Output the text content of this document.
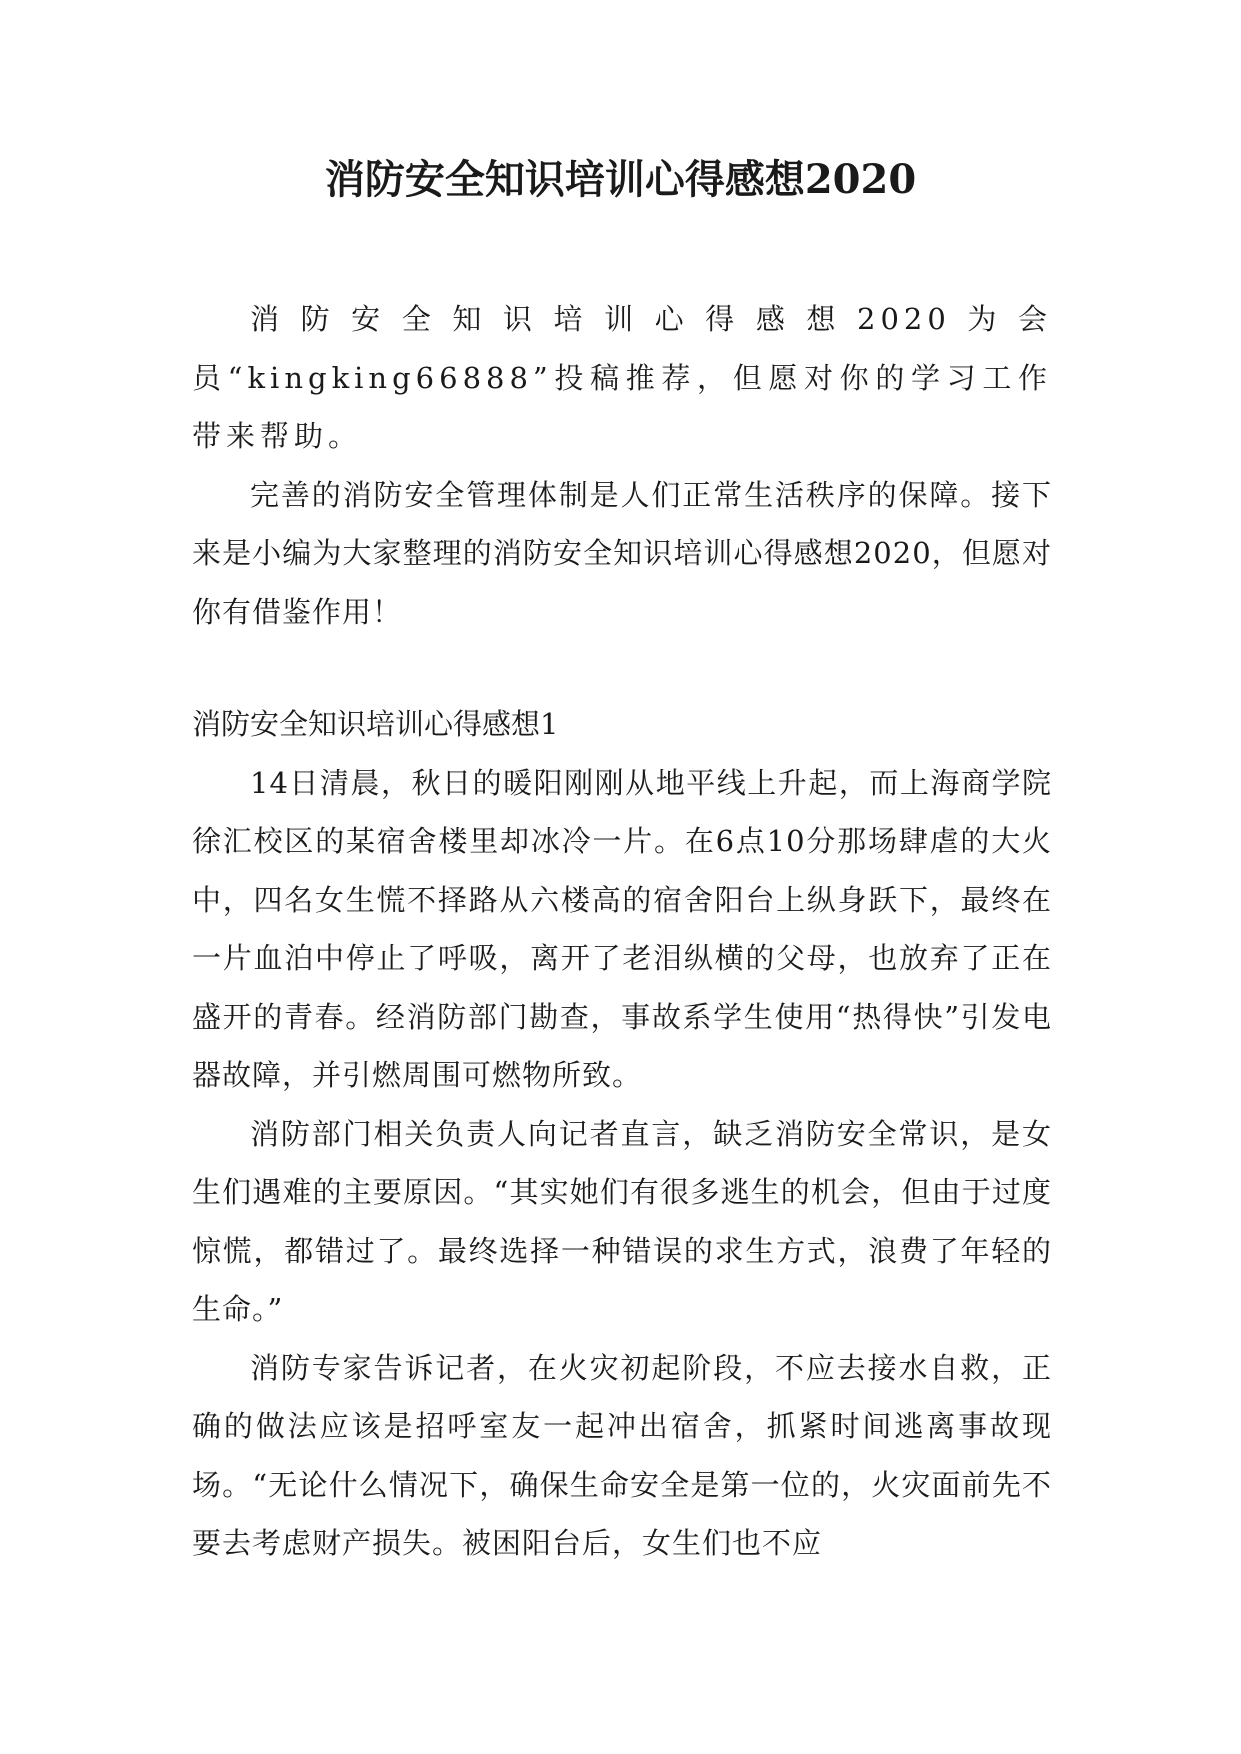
消防安全知识培训心得感想2020

消防安全知识培训心得感想2020为会员“kingking66888”投稿推荐，但愿对你的学习工作带来帮助。

完善的消防安全管理体制是人们正常生活秩序的保障。接下来是小编为大家整理的消防安全知识培训心得感想2020，但愿对你有借鉴作用！

消防安全知识培训心得感想1

14日清晨，秋日的暖阳刚刚从地平线上升起，而上海商学院徐汇校区的某宿舍楼里却冰冷一片。在6点10分那场肆虐的大火中，四名女生慌不择路从六楼高的宿舍阳台上纵身跃下，最终在一片血泊中停止了呼吸，离开了老泪纵横的父母，也放弃了正在盛开的青春。经消防部门勘查，事故系学生使用“热得快”引发电器故障，并引燃周围可燃物所致。

消防部门相关负责人向记者直言，缺乏消防安全常识，是女生们遇难的主要原因。“其实她们有很多逃生的机会，但由于过度惊慌，都错过了。最终选择一种错误的求生方式，浪费了年轻的生命。”

消防专家告诉记者，在火灾初起阶段，不应去接水自救，正确的做法应该是招呼室友一起冲出宿舍，抓紧时间逃离事故现场。“无论什么情况下，确保生命安全是第一位的，火灾面前先不要去考虑财产损失。被困阳台后，女生们也不应
